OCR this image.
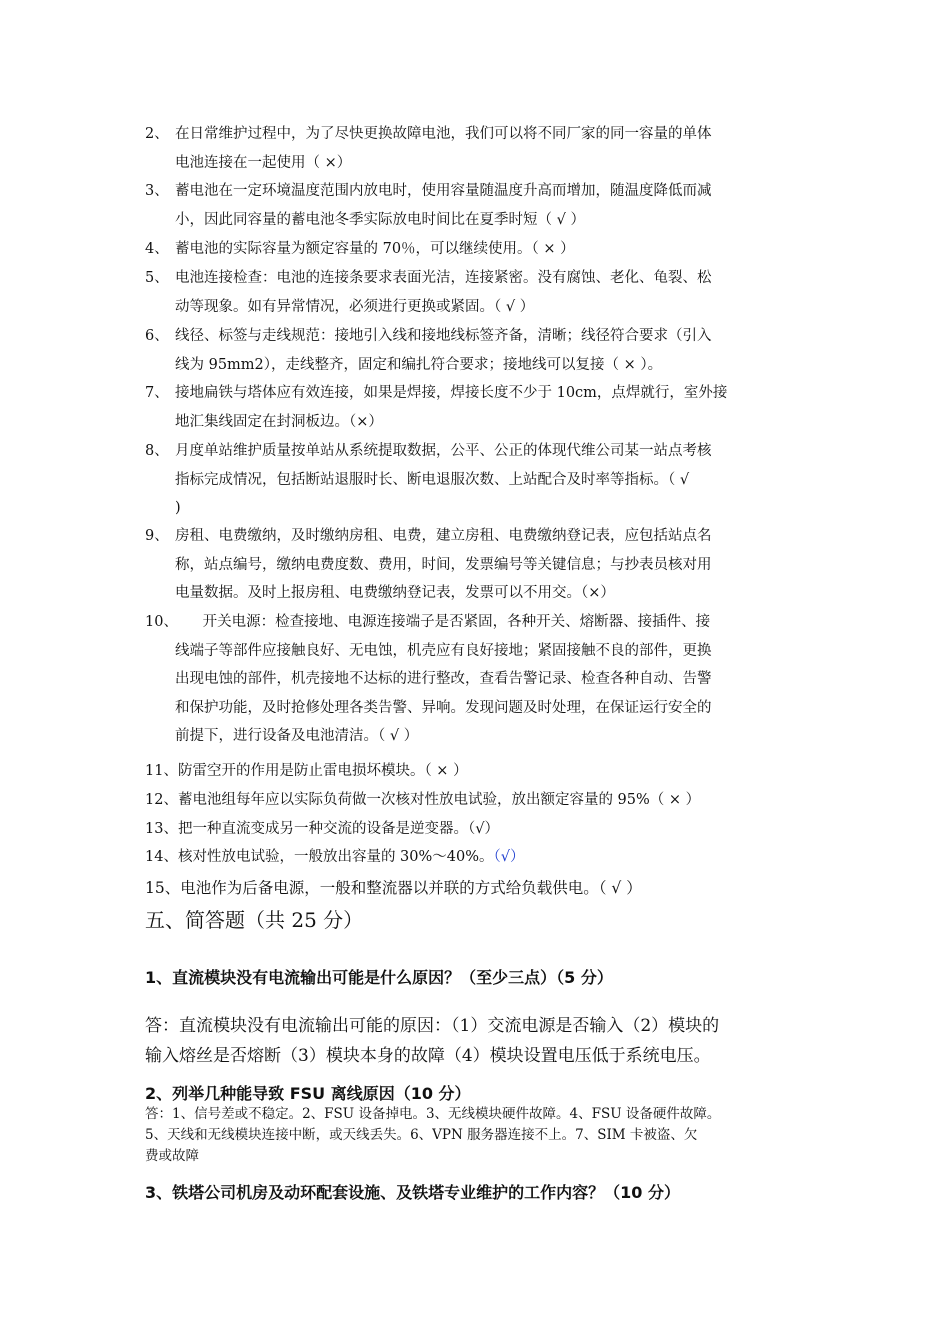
2、 在日常维护过程中，为了尽快更换故障电池，我们可以将不同厂家的同一容量的单体
电池连接在一起使用（ ×）
3、 蓄电池在一定环境温度范围内放电时，使用容量随温度升高而增加，随温度降低而减
小，因此同容量的蓄电池冬季实际放电时间比在夏季时短（ √ ）
4、 蓄电池的实际容量为额定容量的 70％，可以继续使用。（ × ）
5、 电池连接检查：电池的连接条要求表面光洁，连接紧密。没有腐蚀、老化、龟裂、松
动等现象。如有异常情况，必须进行更换或紧固。（ √ ）
6、 线径、标签与走线规范：接地引入线和接地线标签齐备，清晰；线径符合要求（引入
线为 95mm2），走线整齐，固定和编扎符合要求；接地线可以复接（ × ）。
7、 接地扁铁与塔体应有效连接，如果是焊接，焊接长度不少于 10cm，点焊就行，室外接
地汇集线固定在封洞板边。（×）
8、 月度单站维护质量按单站从系统提取数据，公平、公正的体现代维公司某一站点考核
指标完成情况，包括断站退服时长、断电退服次数、上站配合及时率等指标。（ √
)
9、 房租、电费缴纳，及时缴纳房租、电费，建立房租、电费缴纳登记表，应包括站点名
称，站点编号，缴纳电费度数、费用，时间，发票编号等关键信息；与抄表员核对用
电量数据。及时上报房租、电费缴纳登记表，发票可以不用交。（×）
10、
开关电源：检查接地、电源连接端子是否紧固，各种开关、熔断器、接插件、接
线端子等部件应接触良好、无电蚀，机壳应有良好接地；紧固接触不良的部件，更换
出现电蚀的部件，机壳接地不达标的进行整改，查看告警记录、检查各种自动、告警
和保护功能，及时抢修处理各类告警、异响。发现问题及时处理，在保证运行安全的
前提下，进行设备及电池清洁。（ √ ）
11、防雷空开的作用是防止雷电损坏模块。（ × ）
12、蓄电池组每年应以实际负荷做一次核对性放电试验，放出额定容量的 95%（ × ）
13、把一种直流变成另一种交流的设备是逆变器。（√）
14、核对性放电试验，一般放出容量的 30%～40%。（√）
15、电池作为后备电源，一般和整流器以并联的方式给负载供电。（ √ ）
五、简答题（共 25 分）
1、直流模块没有电流输出可能是什么原因？（至少三点）（5 分）
答：直流模块没有电流输出可能的原因：（1）交流电源是否输入（2）模块的
输入熔丝是否熔断（3）模块本身的故障（4）模块设置电压低于系统电压。
2、列举几种能导致 FSU 离线原因（10 分）
答：1、信号差或不稳定。2、FSU 设备掉电。3、无线模块硬件故障。4、FSU 设备硬件故障。
5、天线和无线模块连接中断，或天线丢失。6、VPN 服务器连接不上。7、SIM 卡被盗、欠
费或故障
3、铁塔公司机房及动环配套设施、及铁塔专业维护的工作内容？（10 分）
